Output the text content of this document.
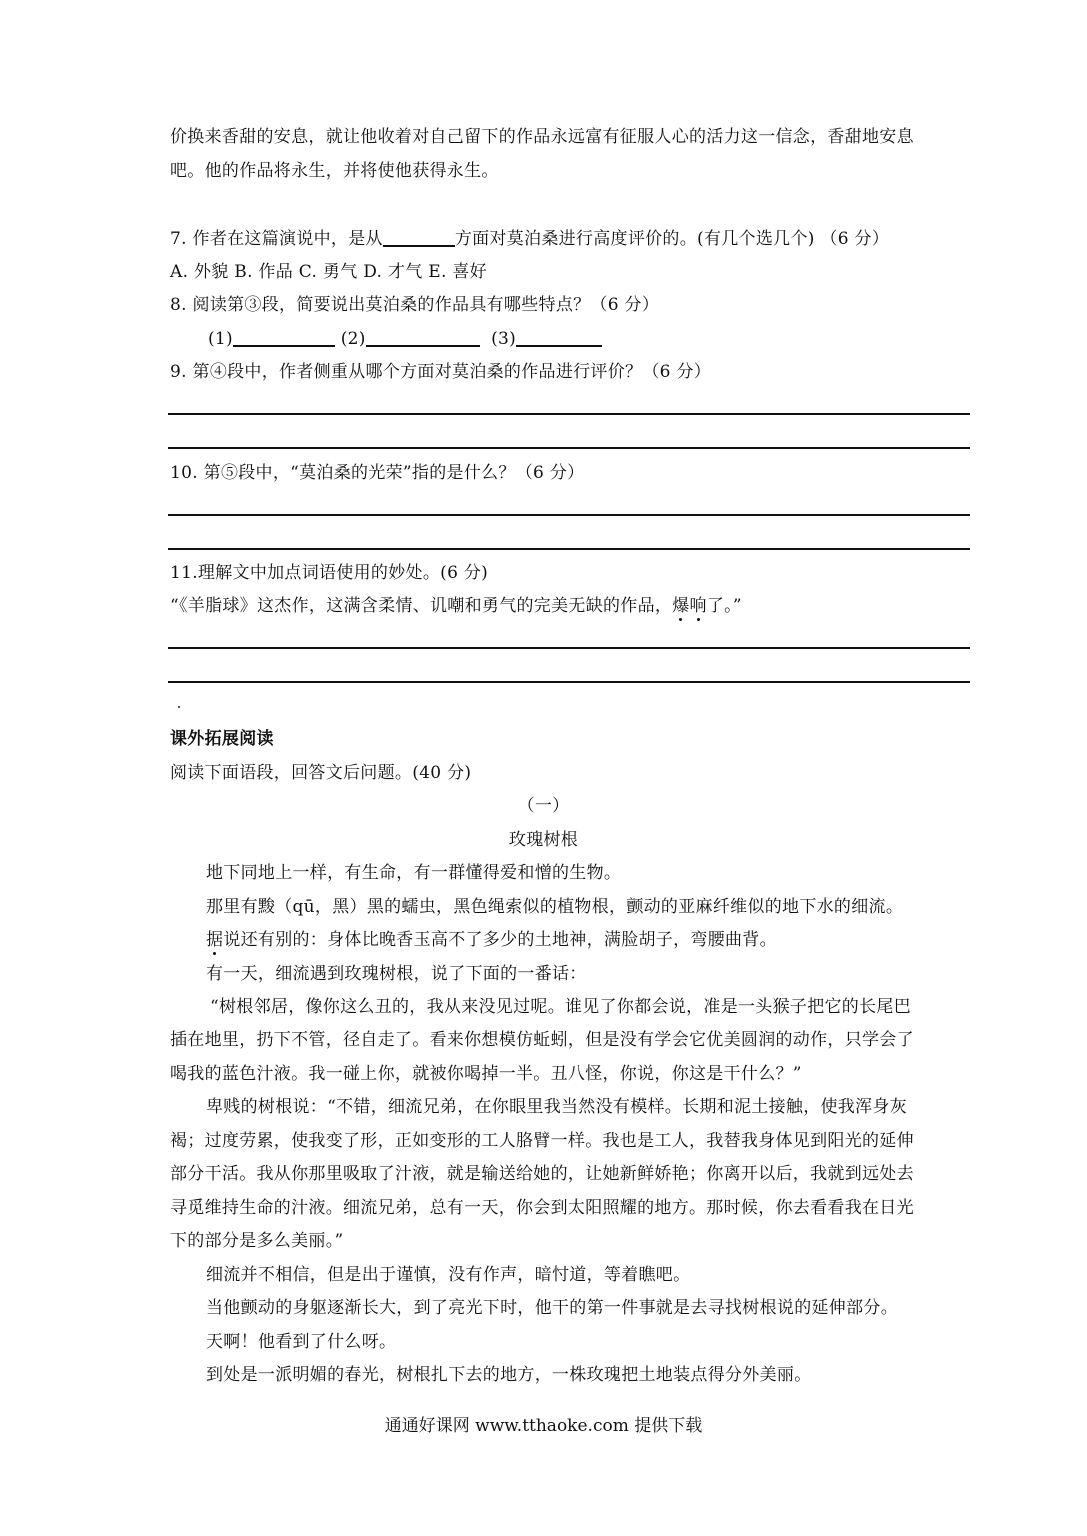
价换来香甜的安息，就让他收着对自己留下的作品永远富有征服人心的活力这一信念，香甜地安息
吧。他的作品将永生，并将使他获得永生。
7. 作者在这篇演说中，是从	方面对莫泊桑进行高度评价的。(有几个选几个) （6 分）
A. 外貌 B. 作品 C. 勇气 D. 才气 E. 喜好
8. 阅读第③段，简要说出莫泊桑的作品具有哪些特点？（6 分）
(1)	(2)	(3)
9. 第④段中，作者侧重从哪个方面对莫泊桑的作品进行评价？（6 分）
10. 第⑤段中，“莫泊桑的光荣”指的是什么？（6 分）
11.理解文中加点词语使用的妙处。(6 分)
“《羊脂球》这杰作，这满含柔情、讥嘲和勇气的完美无缺的作品，爆响了。”
课外拓展阅读
阅读下面语段，回答文后问题。(40 分)
（一）
玫瑰树根
地下同地上一样，有生命，有一群懂得爱和憎的生物。
那里有黢（qū，黑）黑的蠕虫，黑色绳索似的植物根，颤动的亚麻纤维似的地下水的细流。
据说还有别的：身体比晚香玉高不了多少的土地神，满脸胡子，弯腰曲背。
有一天，细流遇到玫瑰树根，说了下面的一番话：
“树根邻居，像你这么丑的，我从来没见过呢。谁见了你都会说，准是一头猴子把它的长尾巴
插在地里，扔下不管，径自走了。看来你想模仿蚯蚓，但是没有学会它优美圆润的动作，只学会了
喝我的蓝色汁液。我一碰上你，就被你喝掉一半。丑八怪，你说，你这是干什么？”
卑贱的树根说：“不错，细流兄弟，在你眼里我当然没有模样。长期和泥土接触，使我浑身灰
褐；过度劳累，使我变了形，正如变形的工人胳臂一样。我也是工人，我替我身体见到阳光的延伸
部分干活。我从你那里吸取了汁液，就是输送给她的，让她新鲜娇艳；你离开以后，我就到远处去
寻觅维持生命的汁液。细流兄弟，总有一天，你会到太阳照耀的地方。那时候，你去看看我在日光
下的部分是多么美丽。”
细流并不相信，但是出于谨慎，没有作声，暗忖道，等着瞧吧。
当他颤动的身躯逐渐长大，到了亮光下时，他干的第一件事就是去寻找树根说的延伸部分。
天啊！他看到了什么呀。
到处是一派明媚的春光，树根扎下去的地方，一株玫瑰把土地装点得分外美丽。
通通好课网 www.tthaoke.com 提供下载
